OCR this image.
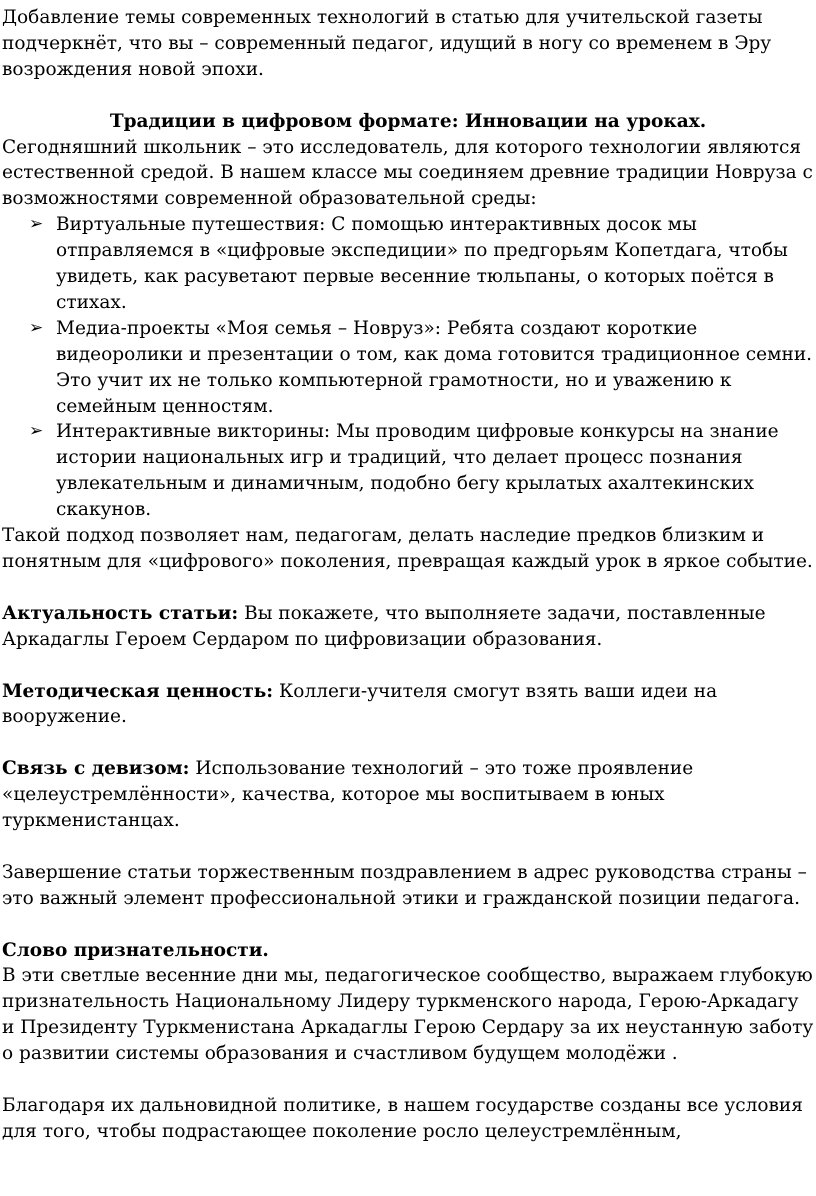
Добавление темы современных технологий в статью для учительской газеты подчеркнёт, что вы – современный педагог, идущий в ногу со временем в Эру возрождения новой эпохи.

Традиции в цифровом формате: Инновации на уроках.

Сегодняшний школьник – это исследователь, для которого технологии являются естественной средой. В нашем классе мы соединяем древние традиции Новруза с возможностями современной образовательной среды:

➢ Виртуальные путешествия: С помощью интерактивных досок мы отправляемся в «цифровые экспедиции» по предгорьям Копетдага, чтобы увидеть, как расуветают первые весенние тюльпаны, о которых поётся в стихах.
➢ Медиа-проекты «Моя семья – Новруз»: Ребята создают короткие видеоролики и презентации о том, как дома готовится традиционное семни. Это учит их не только компьютерной грамотности, но и уважению к семейным ценностям.
➢ Интерактивные викторины: Мы проводим цифровые конкурсы на знание истории национальных игр и традиций, что делает процесс познания увлекательным и динамичным, подобно бегу крылатых ахалтекинских скакунов.

Такой подход позволяет нам, педагогам, делать наследие предков близким и понятным для «цифрового» поколения, превращая каждый урок в яркое событие.

Актуальность статьи: Вы покажете, что выполняете задачи, поставленные Аркадаглы Героем Сердаром по цифровизации образования.

Методическая ценность: Коллеги-учителя смогут взять ваши идеи на вооружение.

Связь с девизом: Использование технологий – это тоже проявление «целеустремлённости», качества, которое мы воспитываем в юных туркменистанцах.

Завершение статьи торжественным поздравлением в адрес руководства страны – это важный элемент профессиональной этики и гражданской позиции педагога.

Слово признательности.

В эти светлые весенние дни мы, педагогическое сообщество, выражаем глубокую признательность Национальному Лидеру туркменского народа, Герою-Аркадагу и Президенту Туркменистана Аркадаглы Герою Сердару за их неустанную заботу о развитии системы образования и счастливом будущем молодёжи .

Благодаря их дальновидной политике, в нашем государстве созданы все условия для того, чтобы подрастающее поколение росло целеустремлённым,
